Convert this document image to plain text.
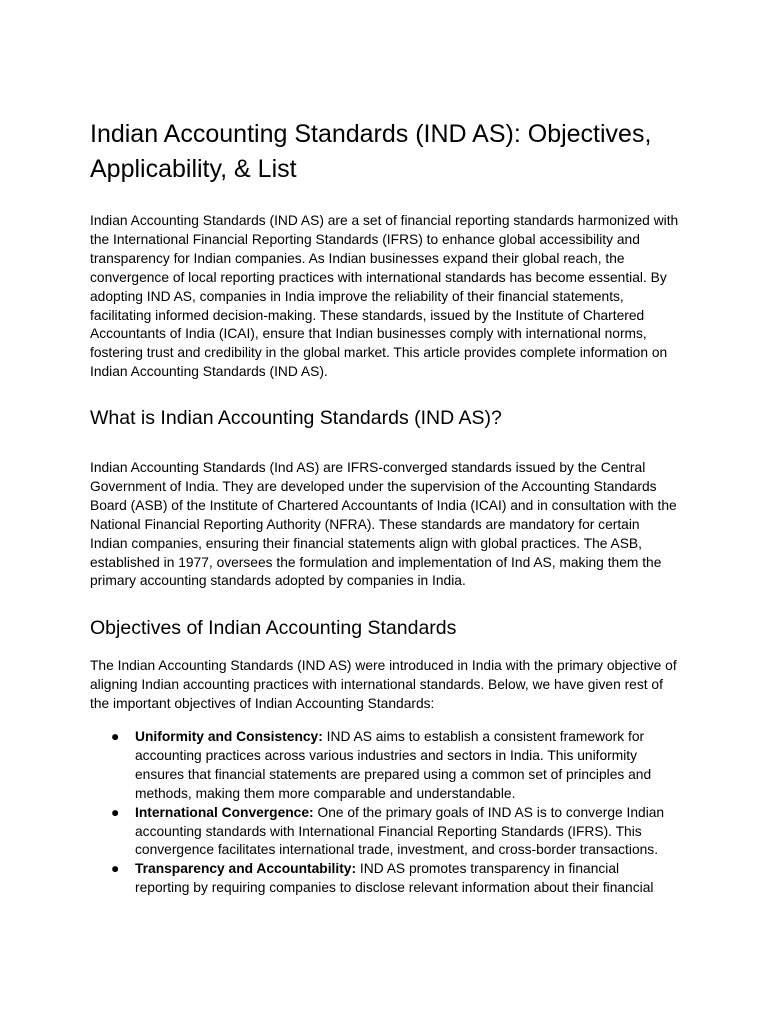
Indian Accounting Standards (IND AS): Objectives, Applicability, & List

Indian Accounting Standards (IND AS) are a set of financial reporting standards harmonized with the International Financial Reporting Standards (IFRS) to enhance global accessibility and transparency for Indian companies. As Indian businesses expand their global reach, the convergence of local reporting practices with international standards has become essential. By adopting IND AS, companies in India improve the reliability of their financial statements, facilitating informed decision-making. These standards, issued by the Institute of Chartered Accountants of India (ICAI), ensure that Indian businesses comply with international norms, fostering trust and credibility in the global market. This article provides complete information on Indian Accounting Standards (IND AS).

What is Indian Accounting Standards (IND AS)?

Indian Accounting Standards (Ind AS) are IFRS-converged standards issued by the Central Government of India. They are developed under the supervision of the Accounting Standards Board (ASB) of the Institute of Chartered Accountants of India (ICAI) and in consultation with the National Financial Reporting Authority (NFRA). These standards are mandatory for certain Indian companies, ensuring their financial statements align with global practices. The ASB, established in 1977, oversees the formulation and implementation of Ind AS, making them the primary accounting standards adopted by companies in India.

Objectives of Indian Accounting Standards

The Indian Accounting Standards (IND AS) were introduced in India with the primary objective of aligning Indian accounting practices with international standards. Below, we have given rest of the important objectives of Indian Accounting Standards:

● Uniformity and Consistency: IND AS aims to establish a consistent framework for accounting practices across various industries and sectors in India. This uniformity ensures that financial statements are prepared using a common set of principles and methods, making them more comparable and understandable.
● International Convergence: One of the primary goals of IND AS is to converge Indian accounting standards with International Financial Reporting Standards (IFRS). This convergence facilitates international trade, investment, and cross-border transactions.
● Transparency and Accountability: IND AS promotes transparency in financial reporting by requiring companies to disclose relevant information about their financial
